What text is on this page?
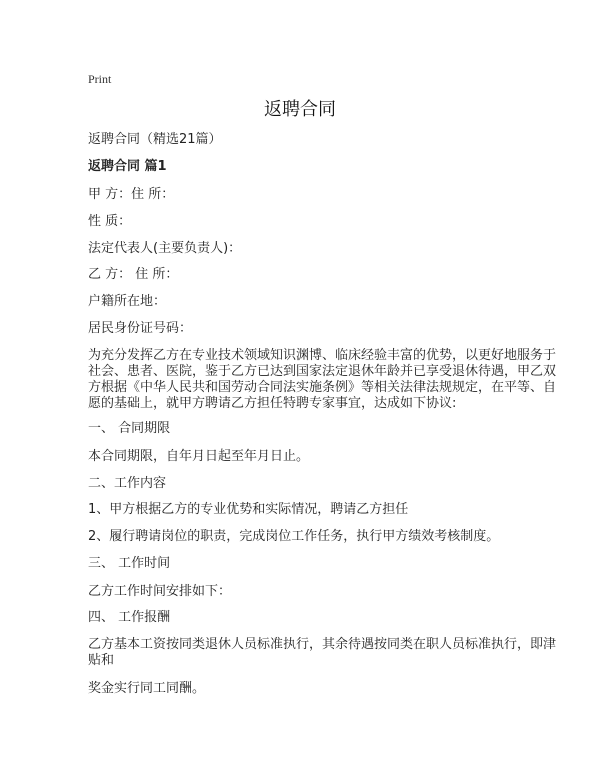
Print
返聘合同
返聘合同（精选21篇）
返聘合同 篇1
甲 方：住 所：
性 质：
法定代表人(主要负责人)：
乙 方： 住 所：
户籍所在地：
居民身份证号码：
为充分发挥乙方在专业技术领域知识渊博、临床经验丰富的优势，以更好地服务于
社会、患者、医院，鉴于乙方已达到国家法定退休年龄并已享受退休待遇，甲乙双
方根据《中华人民共和国劳动合同法实施条例》等相关法律法规规定，在平等、自
愿的基础上，就甲方聘请乙方担任特聘专家事宜，达成如下协议:
一、 合同期限
本合同期限，自年月日起至年月日止。
二、工作内容
1、甲方根据乙方的专业优势和实际情况，聘请乙方担任
2、履行聘请岗位的职责，完成岗位工作任务，执行甲方绩效考核制度。
三、 工作时间
乙方工作时间安排如下：
四、 工作报酬
乙方基本工资按同类退休人员标准执行，其余待遇按同类在职人员标准执行，即津
贴和
奖金实行同工同酬。
